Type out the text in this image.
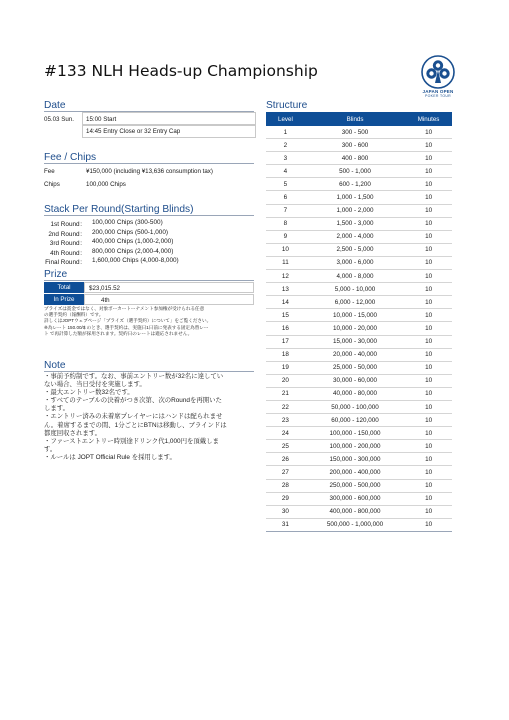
#133 NLH Heads-up Championship
JAPAN OPEN
POKER TOUR
Date
05.03 Sun. 15:00 Start
14:45 Entry Close or 32 Entry Cap
Fee / Chips
Fee	¥150,000 (including ¥13,636 consumption tax)
Chips	100,000 Chips
Stack Per Round(Starting Blinds)
1st Round： 100,000 Chips (300-500)
2nd Round： 200,000 Chips (500-1,000)
3rd Round： 400,000 Chips (1,000-2,000)
4th Round： 800,000 Chips (2,000-4,000)
Final Round： 1,600,000 Chips (4,000-8,000)
Prize
Total	$23,015.52
In Prize	4th
プライズは賞金ではなく、対象ポーカートーナメント参加権が受けられる任意
の選手契約（報酬料）です。
詳しくはJOPTウェブページ「プライズ（選手契約）について」をご覧ください。
※為レート 150.00/$ のとき、選手契約は、実施日1日前に発表する固定為替レー
ト で再計算した額が採用されます。契約日のレートは適応されません。
Note
・事前予約制です。なお、事前エントリー数が32名に達してい
ない場合、当日受付を実施します。
・最大エントリー数32名です。
・すべてのテーブルの決着がつき次第、次のRoundを再開いた
します。
・エントリー済みの未着席プレイヤーにはハンドは配られませ
ん。着席するまでの間、1分ごとにBTNは移動し、ブラインドは
都度回収されます。
・ファーストエントリー時別途ドリンク代1,000円を頂戴しま
す。
・ルールは JOPT Official Rule を採用します。
Structure
Level	Blinds	Minutes
1	300 - 500	10
2	300 - 600	10
3	400 - 800	10
4	500 - 1,000	10
5	600 - 1,200	10
6	1,000 - 1,500	10
7	1,000 - 2,000	10
8	1,500 - 3,000	10
9	2,000 - 4,000	10
10	2,500 - 5,000	10
11	3,000 - 6,000	10
12	4,000 - 8,000	10
13	5,000 - 10,000	10
14	6,000 - 12,000	10
15	10,000 - 15,000	10
16	10,000 - 20,000	10
17	15,000 - 30,000	10
18	20,000 - 40,000	10
19	25,000 - 50,000	10
20	30,000 - 60,000	10
21	40,000 - 80,000	10
22	50,000 - 100,000	10
23	60,000 - 120,000	10
24	100,000 - 150,000	10
25	100,000 - 200,000	10
26	150,000 - 300,000	10
27	200,000 - 400,000	10
28	250,000 - 500,000	10
29	300,000 - 600,000	10
30	400,000 - 800,000	10
31	500,000 - 1,000,000	10
